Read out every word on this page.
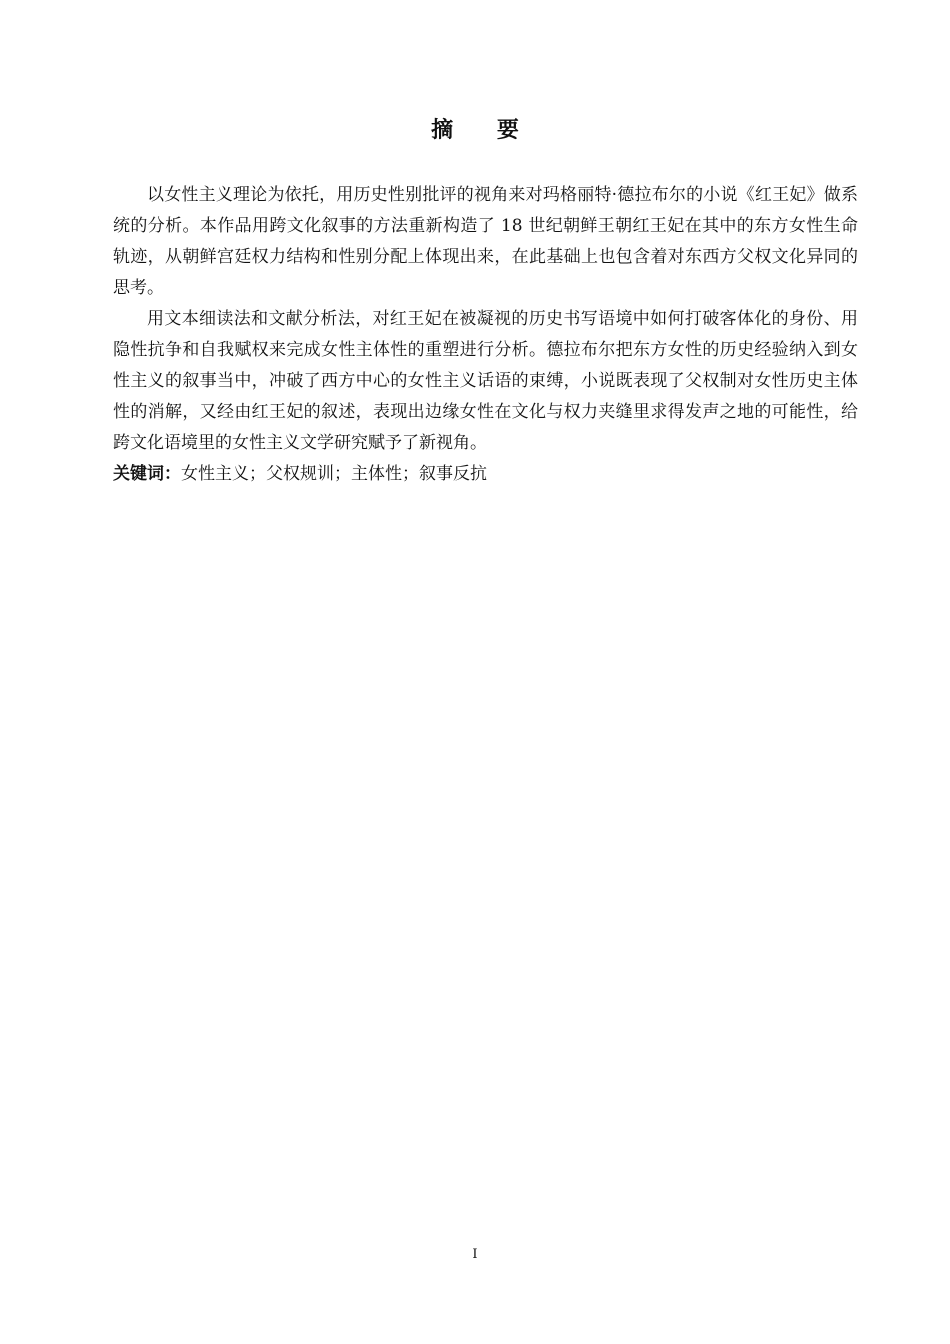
摘 要

以女性主义理论为依托，用历史性别批评的视角来对玛格丽特·德拉布尔的小说《红王妃》做系统的分析。本作品用跨文化叙事的方法重新构造了 18 世纪朝鲜王朝红王妃在其中的东方女性生命轨迹，从朝鲜宫廷权力结构和性别分配上体现出来，在此基础上也包含着对东西方父权文化异同的思考。

用文本细读法和文献分析法，对红王妃在被凝视的历史书写语境中如何打破客体化的身份、用隐性抗争和自我赋权来完成女性主体性的重塑进行分析。德拉布尔把东方女性的历史经验纳入到女性主义的叙事当中，冲破了西方中心的女性主义话语的束缚，小说既表现了父权制对女性历史主体性的消解，又经由红王妃的叙述，表现出边缘女性在文化与权力夹缝里求得发声之地的可能性，给跨文化语境里的女性主义文学研究赋予了新视角。

关键词：女性主义；父权规训；主体性；叙事反抗

I
